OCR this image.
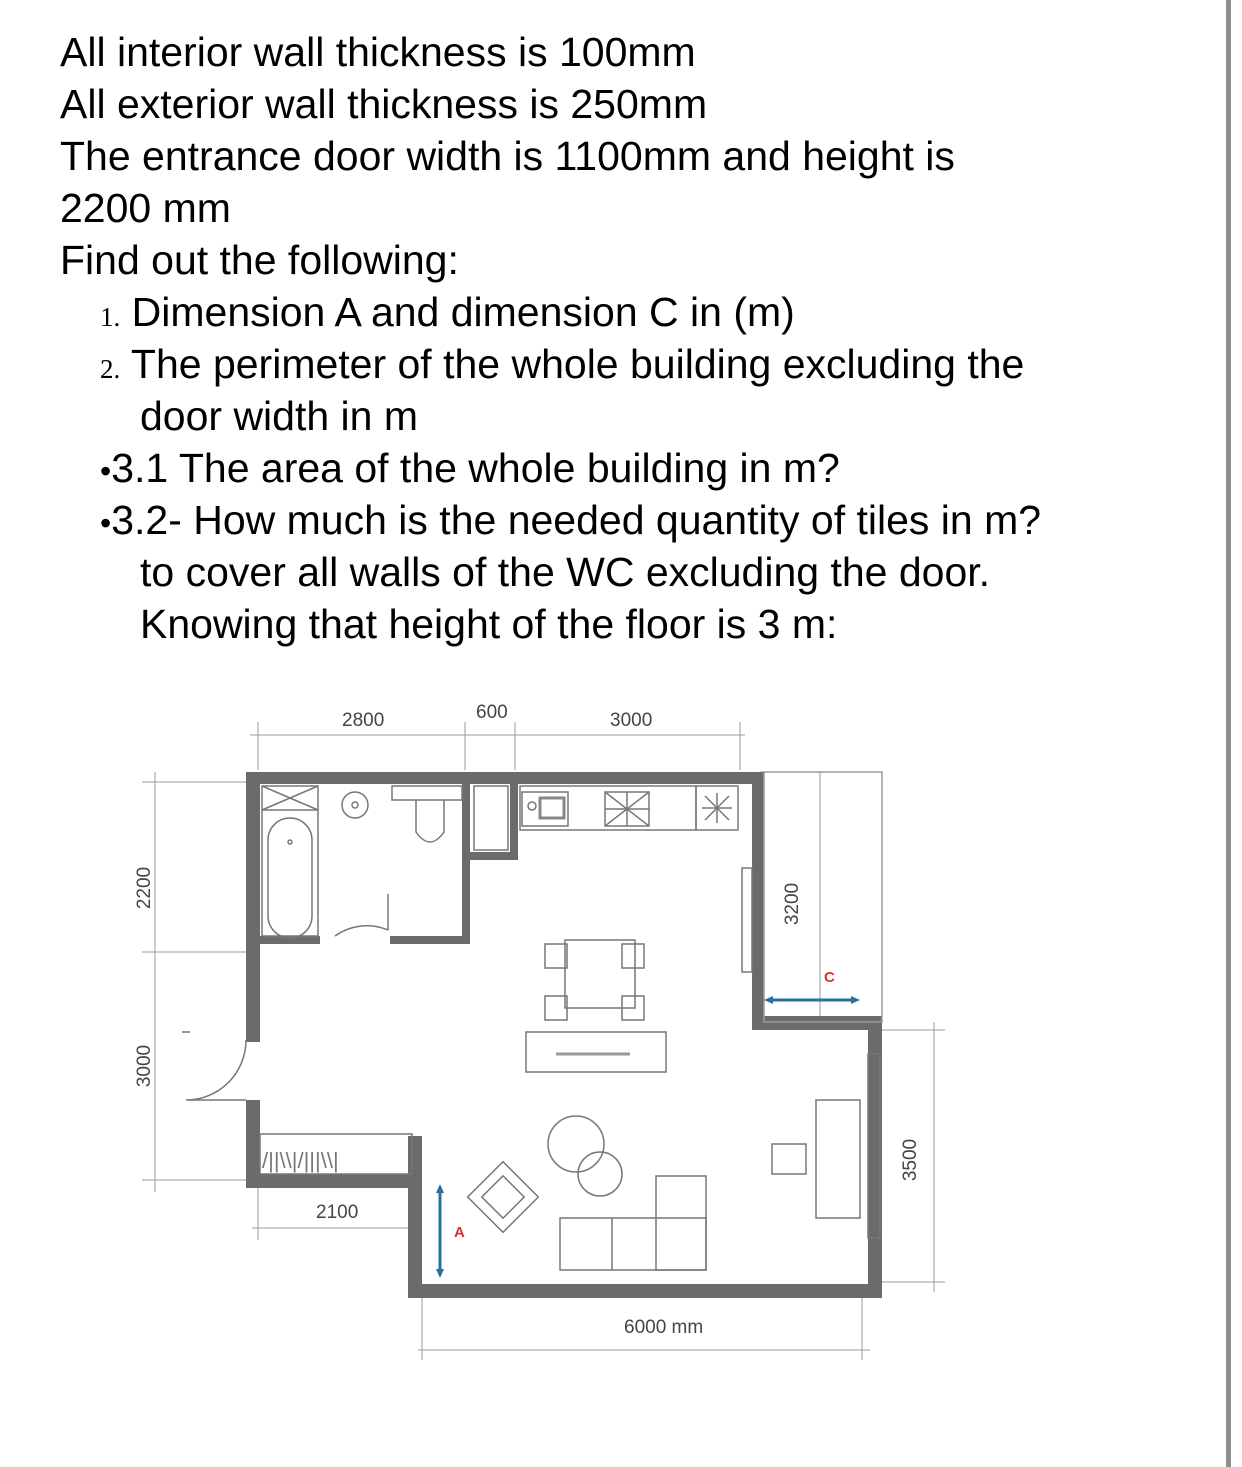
All interior wall thickness is 100mm

All exterior wall thickness is 250mm

The entrance door width is 1100mm and height is

2200 mm

Find out the following:

1. Dimension A and dimension C in (m)
2. The perimeter of the whole building excluding the
door width in m
•3.1 The area of the whole building in m?
•3.2- How much is the needed quantity of tiles in m?
to cover all walls of the WC excluding the door.
Knowing that height of the floor is 3 m:
/||\\|/|||\\|
2800	600	3000
2200
3000
2100
6000 mm
3200
3500
A
C
